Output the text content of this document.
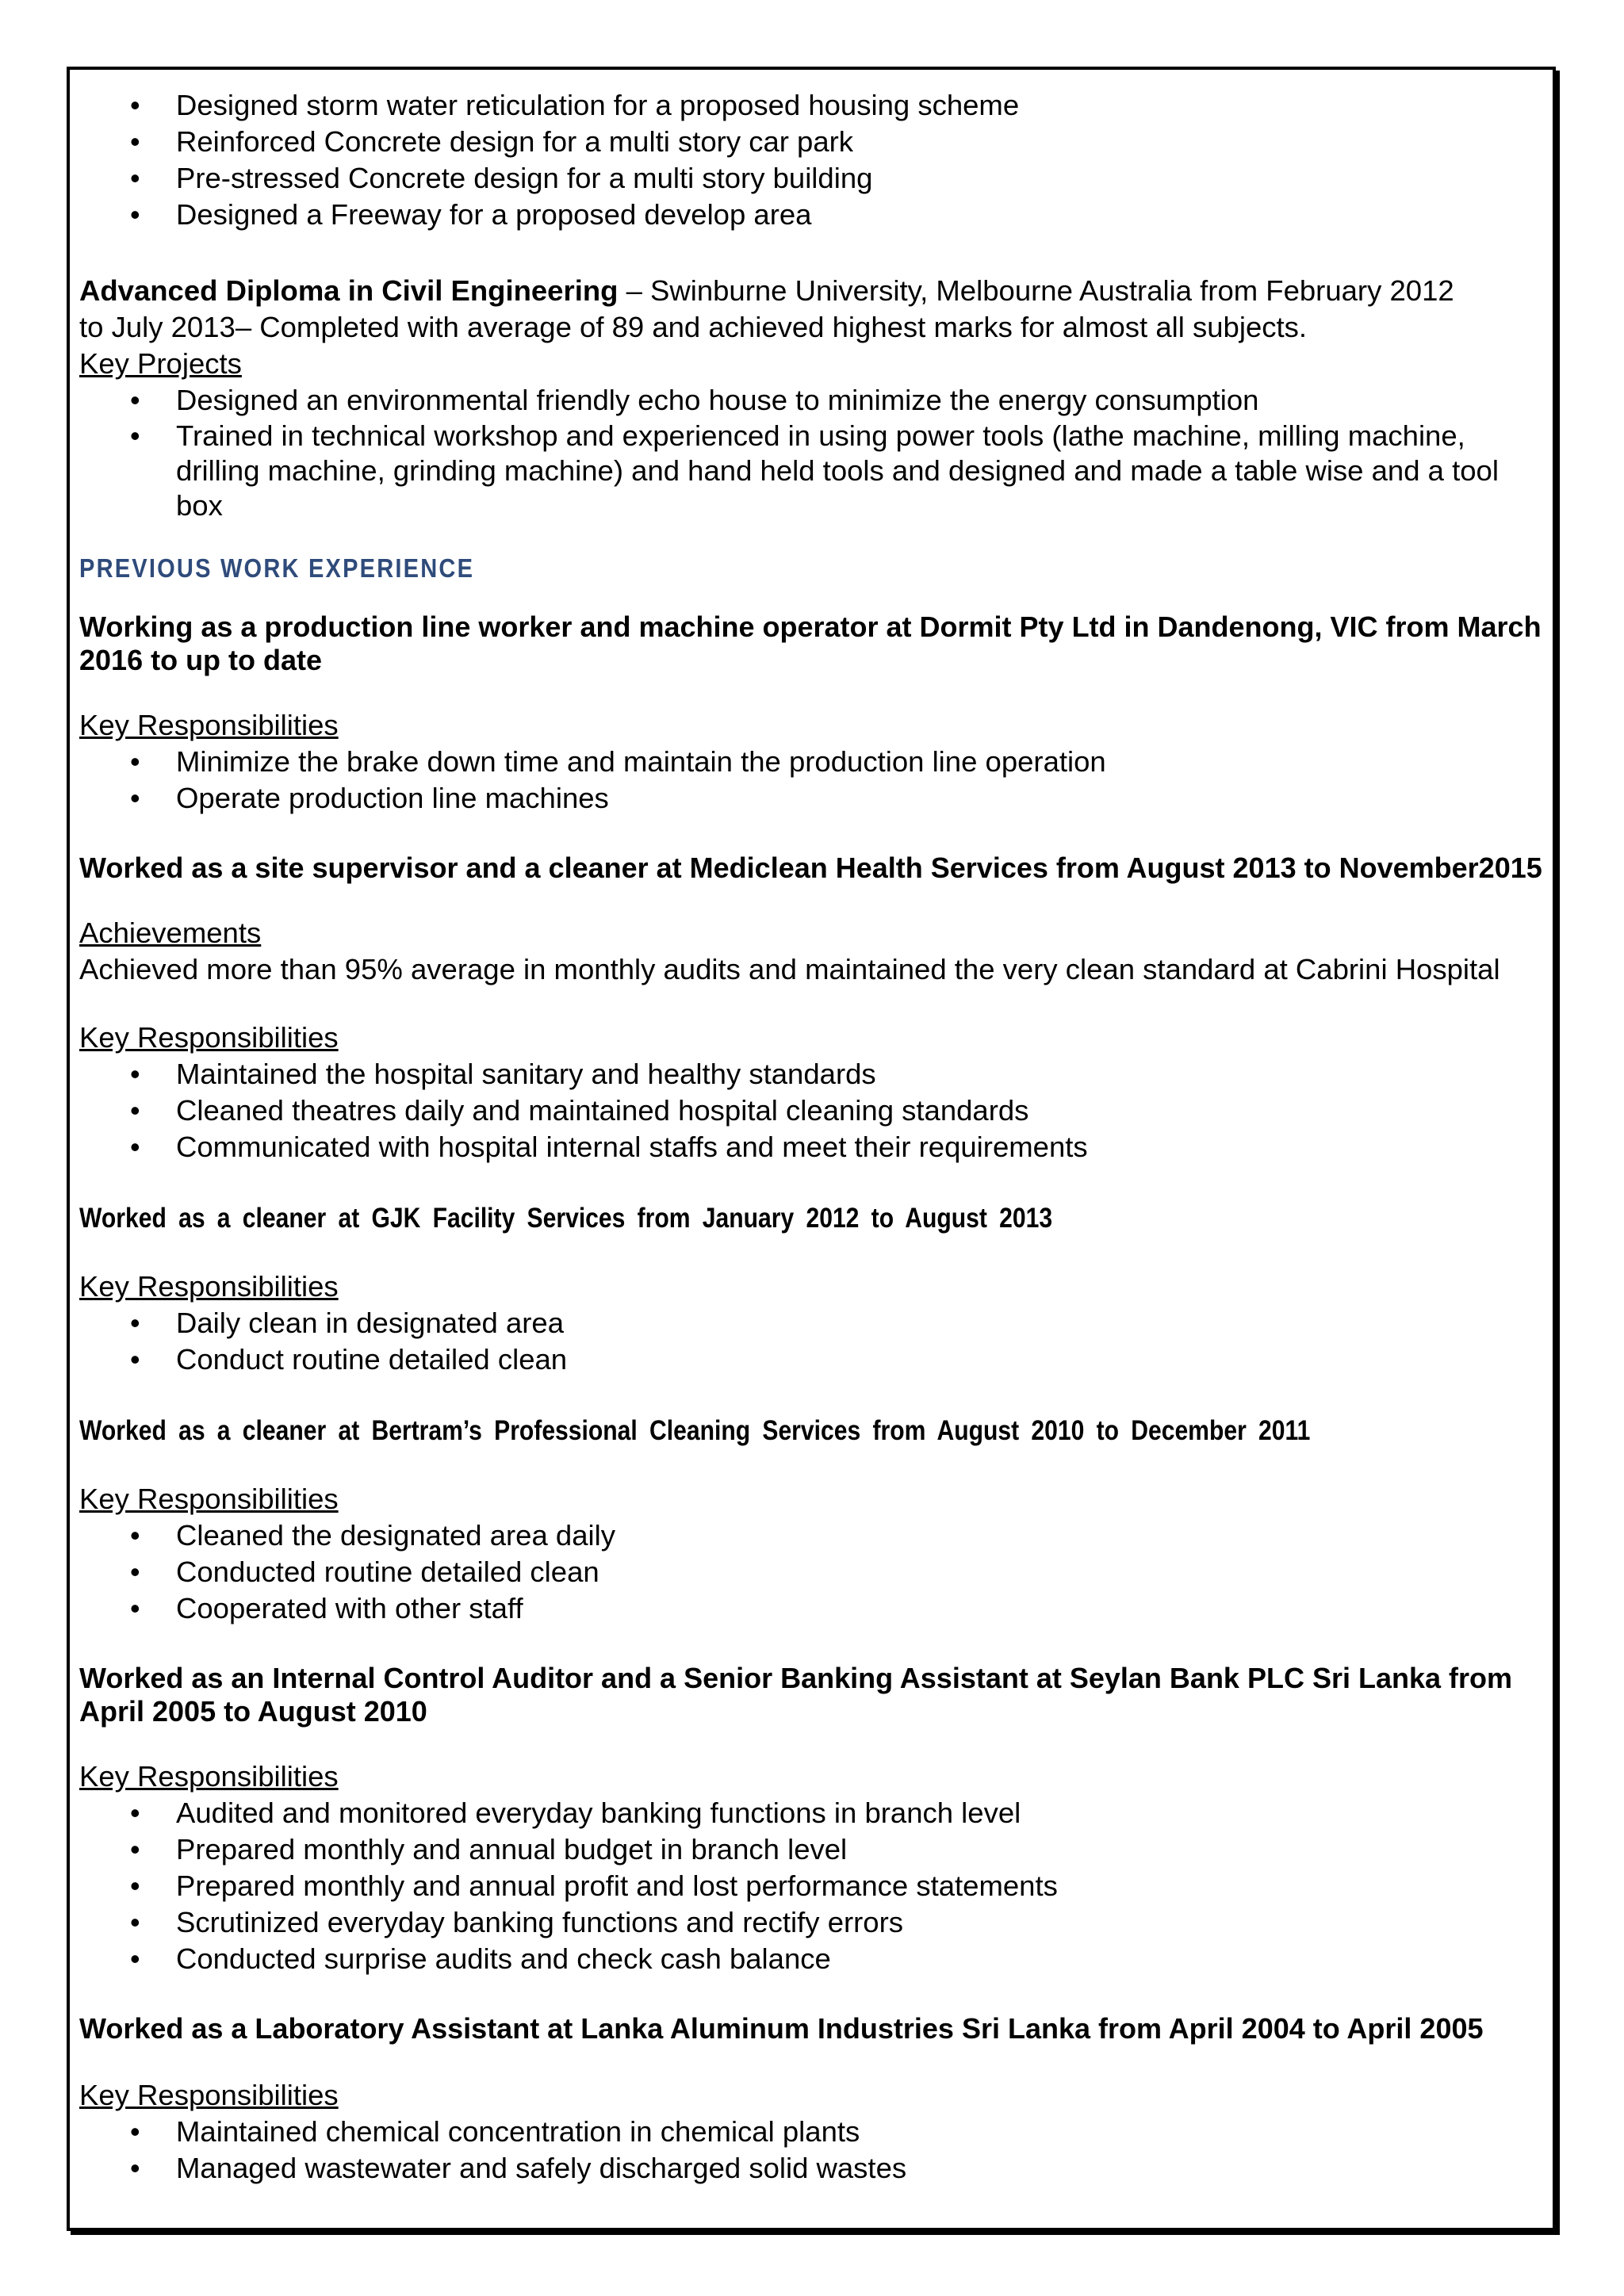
• Designed storm water reticulation for a proposed housing scheme
• Reinforced Concrete design for a multi story car park
• Pre-stressed Concrete design for a multi story building
• Designed a Freeway for a proposed develop area

Advanced Diploma in Civil Engineering – Swinburne University, Melbourne Australia from February 2012

to July 2013– Completed with average of 89 and achieved highest marks for almost all subjects.

Key Projects

• Designed an environmental friendly echo house to minimize the energy consumption
• Trained in technical workshop and experienced in using power tools (lathe machine, milling machine, drilling machine, grinding machine) and hand held tools and designed and made a table wise and a tool box

PREVIOUS WORK EXPERIENCE

Working as a production line worker and machine operator at Dormit Pty Ltd in Dandenong, VIC from March 2016 to up to date

Key Responsibilities

• Minimize the brake down time and maintain the production line operation
• Operate production line machines

Worked as a site supervisor and a cleaner at Mediclean Health Services from August 2013 to November2015

Achievements

Achieved more than 95% average in monthly audits and maintained the very clean standard at Cabrini Hospital

Key Responsibilities

• Maintained the hospital sanitary and healthy standards
• Cleaned theatres daily and maintained hospital cleaning standards
• Communicated with hospital internal staffs and meet their requirements

Worked as a cleaner at GJK Facility Services from January 2012 to August 2013

Key Responsibilities

• Daily clean in designated area
• Conduct routine detailed clean

Worked as a cleaner at Bertram’s Professional Cleaning Services from August 2010 to December 2011

Key Responsibilities

• Cleaned the designated area daily
• Conducted routine detailed clean
• Cooperated with other staff

Worked as an Internal Control Auditor and a Senior Banking Assistant at Seylan Bank PLC Sri Lanka from April 2005 to August 2010

Key Responsibilities

• Audited and monitored everyday banking functions in branch level
• Prepared monthly and annual budget in branch level
• Prepared monthly and annual profit and lost performance statements
• Scrutinized everyday banking functions and rectify errors
• Conducted surprise audits and check cash balance

Worked as a Laboratory Assistant at Lanka Aluminum Industries Sri Lanka from April 2004 to April 2005

Key Responsibilities

• Maintained chemical concentration in chemical plants
• Managed wastewater and safely discharged solid wastes
